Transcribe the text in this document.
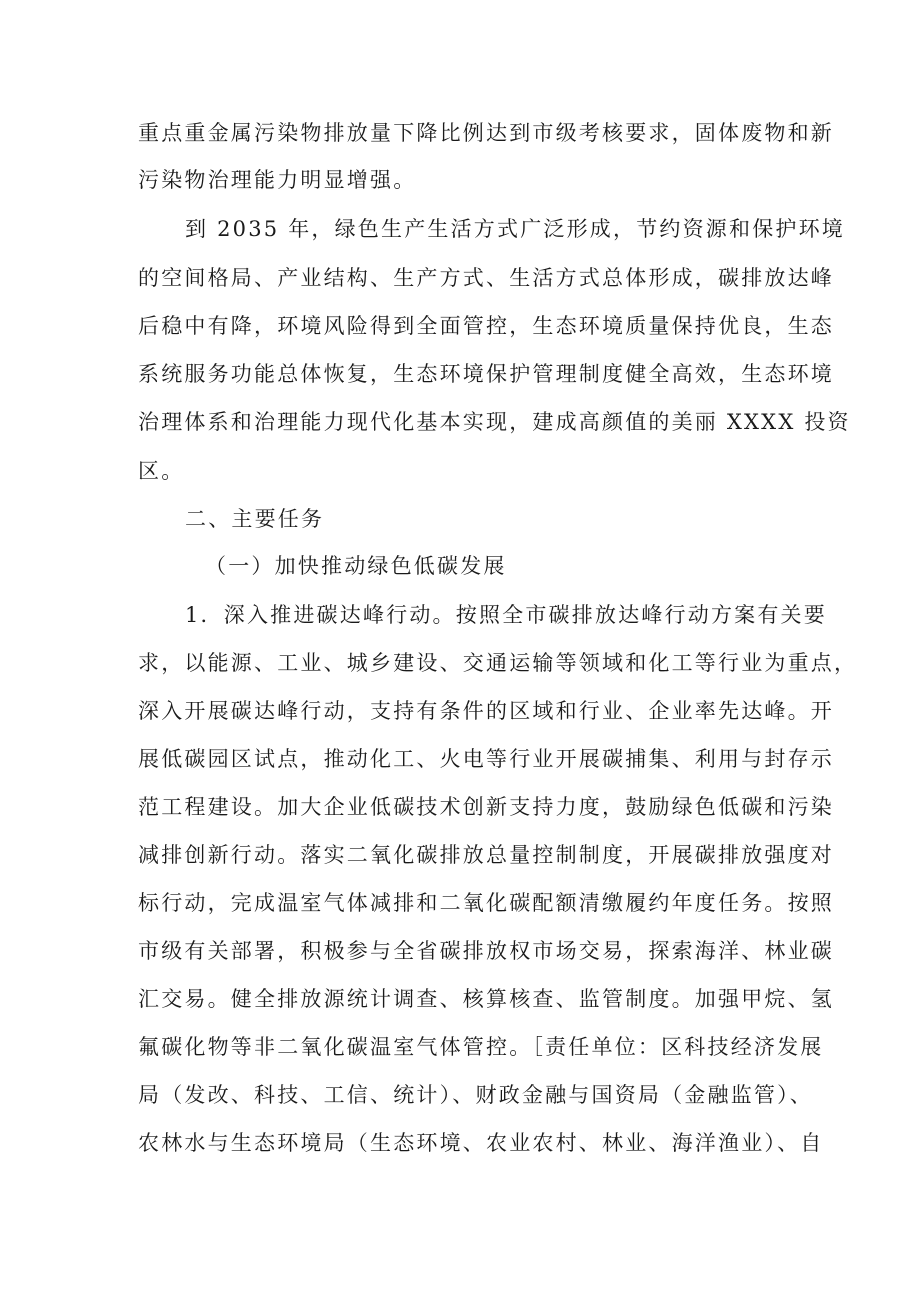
重点重金属污染物排放量下降比例达到市级考核要求，固体废物和新
污染物治理能力明显增强。
到 2035 年，绿色生产生活方式广泛形成，节约资源和保护环境
的空间格局、产业结构、生产方式、生活方式总体形成，碳排放达峰
后稳中有降，环境风险得到全面管控，生态环境质量保持优良，生态
系统服务功能总体恢复，生态环境保护管理制度健全高效，生态环境
治理体系和治理能力现代化基本实现，建成高颜值的美丽 XXXX 投资
区。
二、主要任务
（一）加快推动绿色低碳发展
1．深入推进碳达峰行动。按照全市碳排放达峰行动方案有关要
求，以能源、工业、城乡建设、交通运输等领域和化工等行业为重点，
深入开展碳达峰行动，支持有条件的区域和行业、企业率先达峰。开
展低碳园区试点，推动化工、火电等行业开展碳捕集、利用与封存示
范工程建设。加大企业低碳技术创新支持力度，鼓励绿色低碳和污染
减排创新行动。落实二氧化碳排放总量控制制度，开展碳排放强度对
标行动，完成温室气体减排和二氧化碳配额清缴履约年度任务。按照
市级有关部署，积极参与全省碳排放权市场交易，探索海洋、林业碳
汇交易。健全排放源统计调查、核算核查、监管制度。加强甲烷、氢
氟碳化物等非二氧化碳温室气体管控。［责任单位：区科技经济发展
局（发改、科技、工信、统计）、财政金融与国资局（金融监管）、
农林水与生态环境局（生态环境、农业农村、林业、海洋渔业）、自
